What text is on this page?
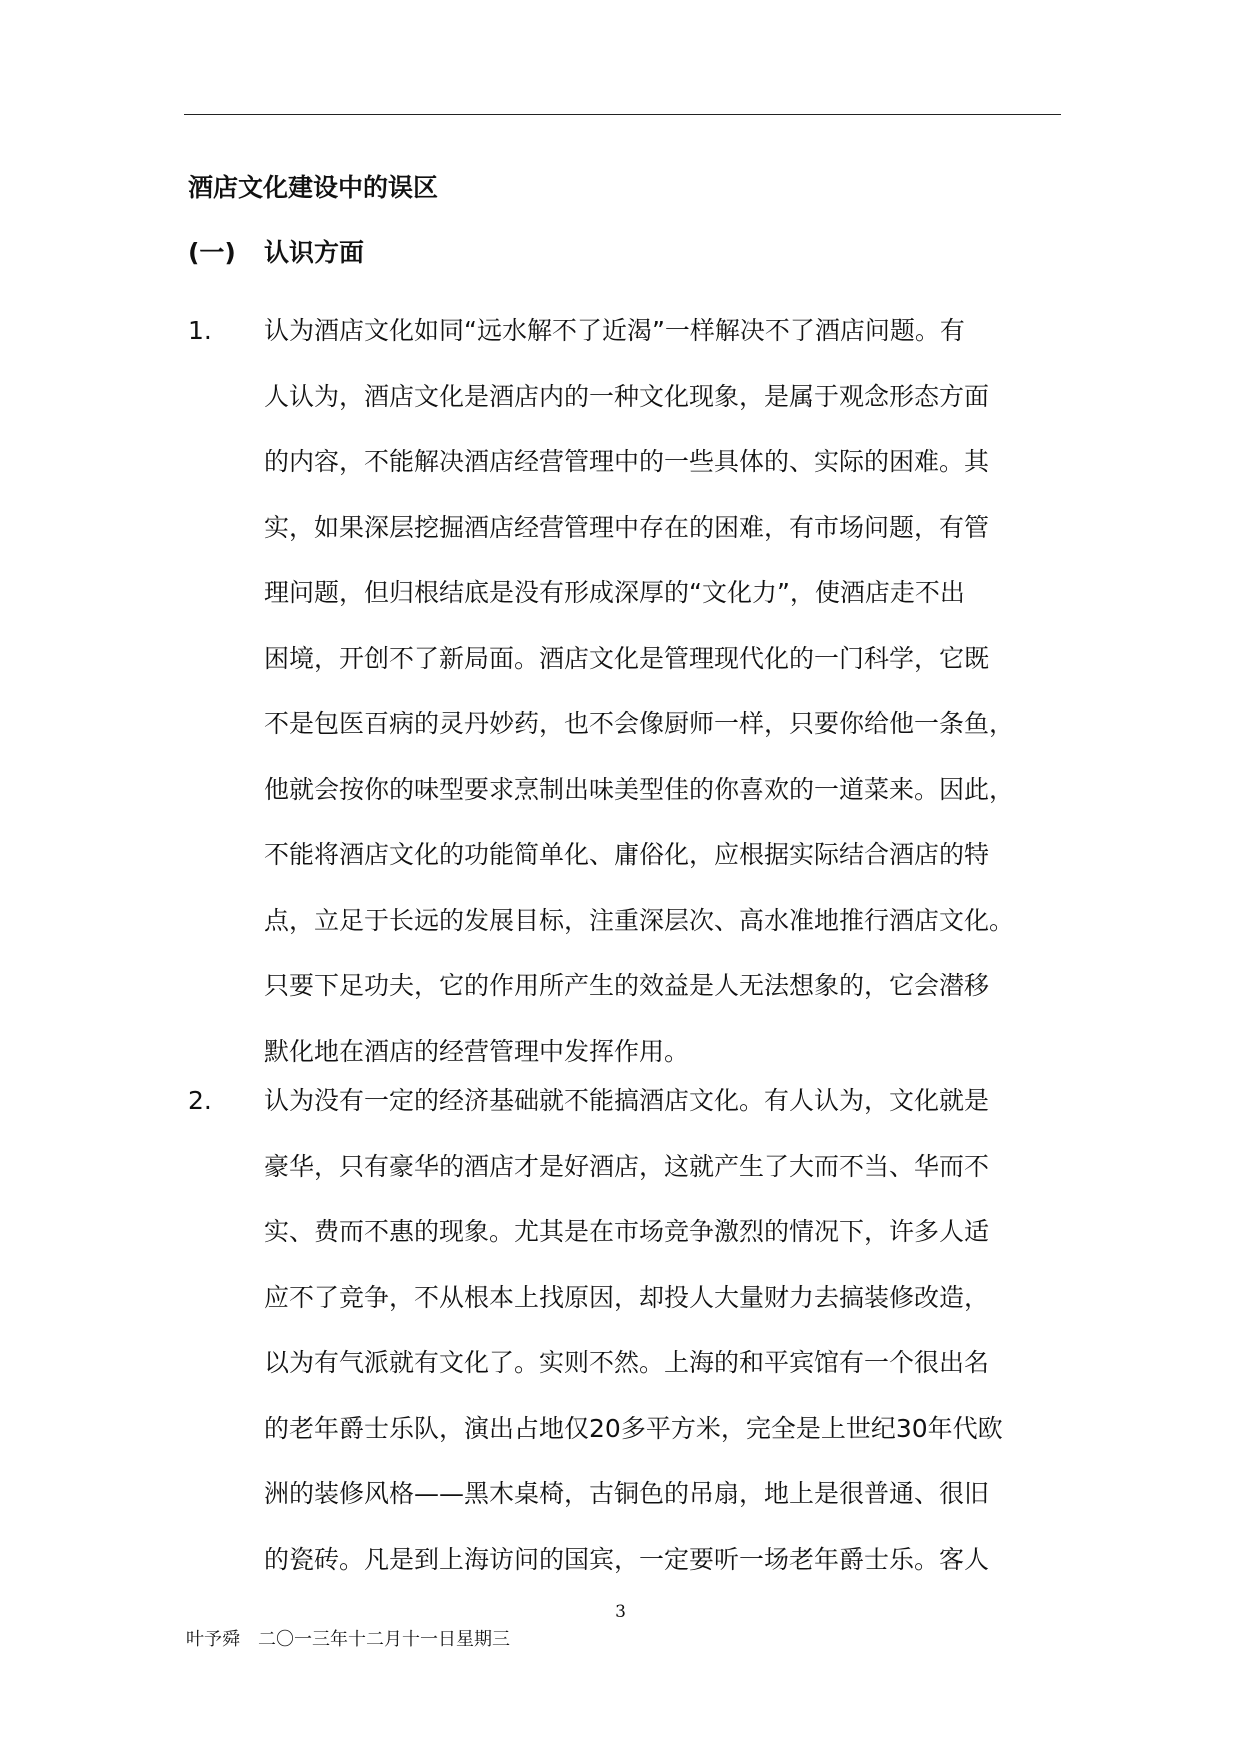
酒店文化建设中的误区
(一) 认识方面
1. 认为酒店文化如同“远水解不了近渴”一样解决不了酒店问题。有
人认为，酒店文化是酒店内的一种文化现象，是属于观念形态方面
的内容，不能解决酒店经营管理中的一些具体的、实际的困难。其
实，如果深层挖掘酒店经营管理中存在的困难，有市场问题，有管
理问题，但归根结底是没有形成深厚的“文化力”，使酒店走不出
困境，开创不了新局面。酒店文化是管理现代化的一门科学，它既
不是包医百病的灵丹妙药，也不会像厨师一样，只要你给他一条鱼，
他就会按你的味型要求烹制出味美型佳的你喜欢的一道菜来。因此，
不能将酒店文化的功能简单化、庸俗化，应根据实际结合酒店的特
点，立足于长远的发展目标，注重深层次、高水准地推行酒店文化。
只要下足功夫，它的作用所产生的效益是人无法想象的，它会潜移
默化地在酒店的经营管理中发挥作用。
2. 认为没有一定的经济基础就不能搞酒店文化。有人认为，文化就是
豪华，只有豪华的酒店才是好酒店，这就产生了大而不当、华而不
实、费而不惠的现象。尤其是在市场竞争激烈的情况下，许多人适
应不了竞争，不从根本上找原因，却投人大量财力去搞装修改造，
以为有气派就有文化了。实则不然。上海的和平宾馆有一个很出名
的老年爵士乐队，演出占地仅20多平方米，完全是上世纪30年代欧
洲的装修风格——黑木桌椅，古铜色的吊扇，地上是很普通、很旧
的瓷砖。凡是到上海访问的国宾，一定要听一场老年爵士乐。客人
3
叶予舜　二〇一三年十二月十一日星期三
